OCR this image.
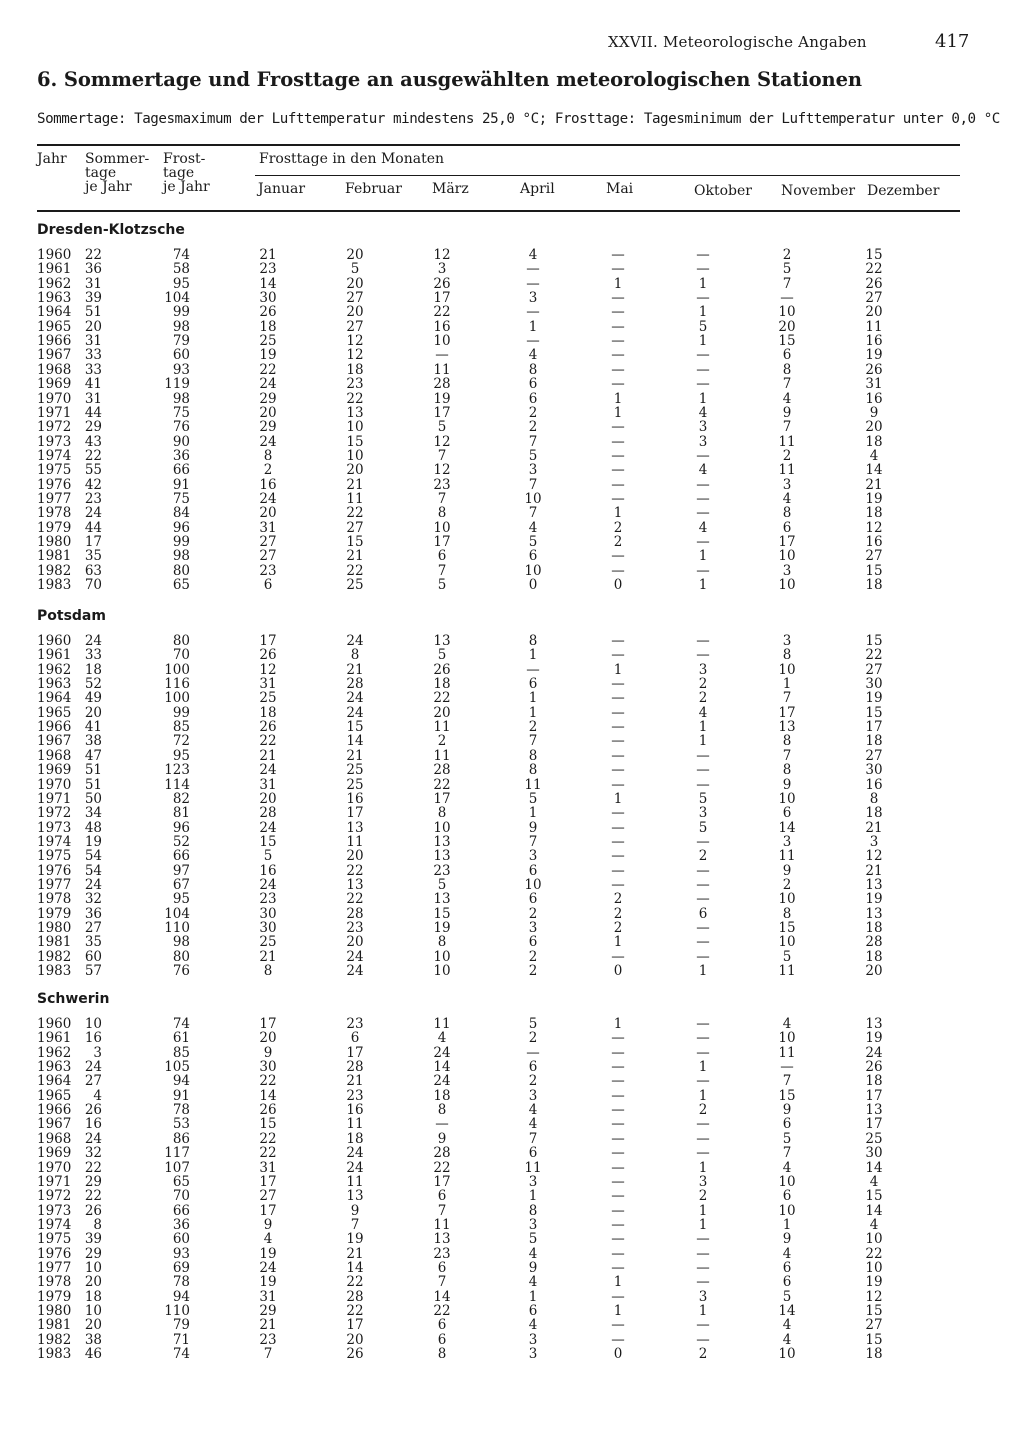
XXVII. Meteorologische Angaben	417
6. Sommertage und Frosttage an ausgewählten meteorologischen Stationen
Sommertage: Tagesmaximum der Lufttemperatur mindestens 25,0 °C; Frosttage: Tagesminimum der Lufttemperatur unter 0,0 °C
Jahr Sommer-
tage
je Jahr
Frost-
tage
je Jahr
Frosttage in den Monaten
Januar	Februar März	April	Mai	Oktober November Dezember
Dresden-Klotzsche
1960 22	74	21	20	12	4	—	—	2	15
1961 36	58	23	5	3	—	—	—	5	22
1962 31	95	14	20	26	—	1	1	7	26
1963 39	104	30	27	17	3	—	—	—	27
1964 51	99	26	20	22	—	—	1	10	20
1965 20	98	18	27	16	1	—	5	20	11
1966 31	79	25	12	10	—	—	1	15	16
1967 33	60	19	12	—	4	—	—	6	19
1968 33	93	22	18	11	8	—	—	8	26
1969 41	119	24	23	28	6	—	—	7	31
1970 31	98	29	22	19	6	1	1	4	16
1971 44	75	20	13	17	2	1	4	9	9
1972 29	76	29	10	5	2	—	3	7	20
1973 43	90	24	15	12	7	—	3	11	18
1974 22	36	8	10	7	5	—	—	2	4
1975 55	66	2	20	12	3	—	4	11	14
1976 42	91	16	21	23	7	—	—	3	21
1977 23	75	24	11	7	10	—	—	4	19
1978 24	84	20	22	8	7	1	—	8	18
1979 44	96	31	27	10	4	2	4	6	12
1980 17	99	27	15	17	5	2	—	17	16
1981 35	98	27	21	6	6	—	1	10	27
1982 63	80	23	22	7	10	—	—	3	15
1983 70	65	6	25	5	0	0	1	10	18
Potsdam
1960 24	80	17	24	13	8	—	—	3	15
1961 33	70	26	8	5	1	—	—	8	22
1962 18	100	12	21	26	—	1	3	10	27
1963 52	116	31	28	18	6	—	2	1	30
1964 49	100	25	24	22	1	—	2	7	19
1965 20	99	18	24	20	1	—	4	17	15
1966 41	85	26	15	11	2	—	1	13	17
1967 38	72	22	14	2	7	—	1	8	18
1968 47	95	21	21	11	8	—	—	7	27
1969 51	123	24	25	28	8	—	—	8	30
1970 51	114	31	25	22	11	—	—	9	16
1971 50	82	20	16	17	5	1	5	10	8
1972 34	81	28	17	8	1	—	3	6	18
1973 48	96	24	13	10	9	—	5	14	21
1974 19	52	15	11	13	7	—	—	3	3
1975 54	66	5	20	13	3	—	2	11	12
1976 54	97	16	22	23	6	—	—	9	21
1977 24	67	24	13	5	10	—	—	2	13
1978 32	95	23	22	13	6	2	—	10	19
1979 36	104	30	28	15	2	2	6	8	13
1980 27	110	30	23	19	3	2	—	15	18
1981 35	98	25	20	8	6	1	—	10	28
1982 60	80	21	24	10	2	—	—	5	18
1983 57	76	8	24	10	2	0	1	11	20
Schwerin
1960 10	74	17	23	11	5	1	—	4	13
1961 16	61	20	6	4	2	—	—	10	19
1962 3	85	9	17	24	—	—	—	11	24
1963 24	105	30	28	14	6	—	1	—	26
1964 27	94	22	21	24	2	—	—	7	18
1965 4	91	14	23	18	3	—	1	15	17
1966 26	78	26	16	8	4	—	2	9	13
1967 16	53	15	11	—	4	—	—	6	17
1968 24	86	22	18	9	7	—	—	5	25
1969 32	117	22	24	28	6	—	—	7	30
1970 22	107	31	24	22	11	—	1	4	14
1971 29	65	17	11	17	3	—	3	10	4
1972 22	70	27	13	6	1	—	2	6	15
1973 26	66	17	9	7	8	—	1	10	14
1974 8	36	9	7	11	3	—	1	1	4
1975 39	60	4	19	13	5	—	—	9	10
1976 29	93	19	21	23	4	—	—	4	22
1977 10	69	24	14	6	9	—	—	6	10
1978 20	78	19	22	7	4	1	—	6	19
1979 18	94	31	28	14	1	—	3	5	12
1980 10	110	29	22	22	6	1	1	14	15
1981 20	79	21	17	6	4	—	—	4	27
1982 38	71	23	20	6	3	—	—	4	15
1983 46	74	7	26	8	3	0	2	10	18
